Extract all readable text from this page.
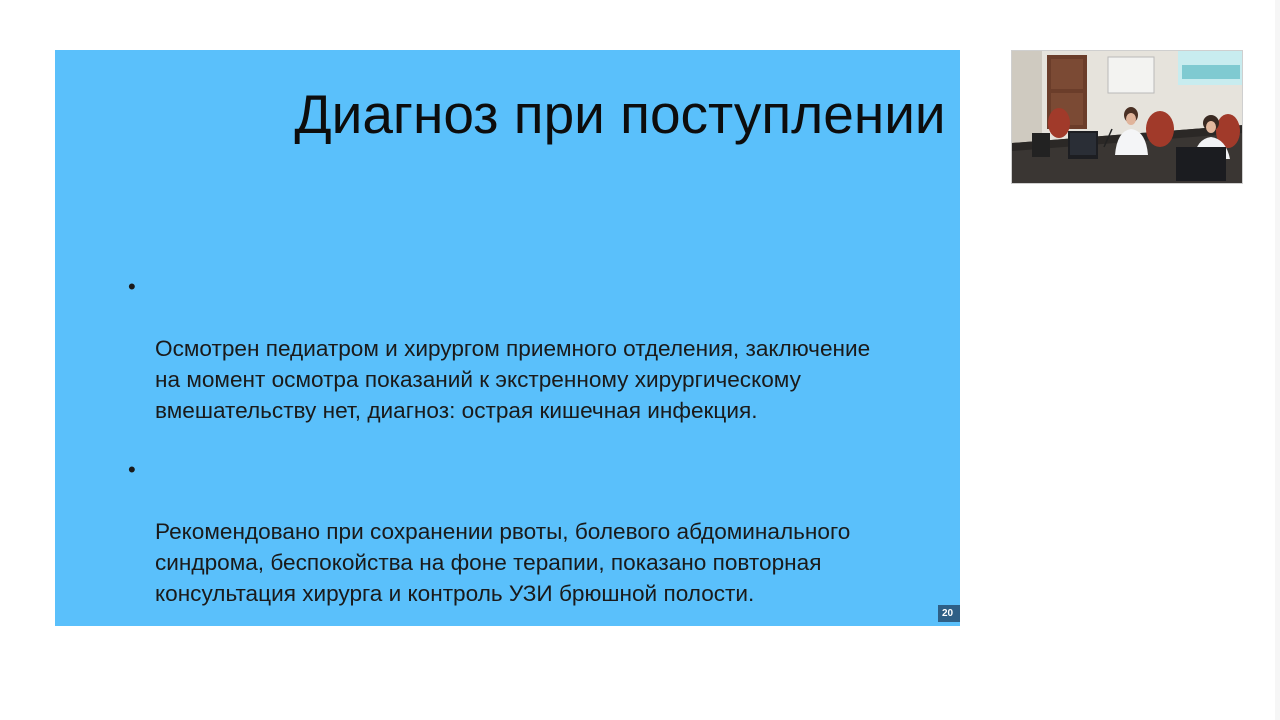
Диагноз при поступлении

•

Осмотрен педиатром и хирургом приемного отделения, заключение
на момент осмотра показаний к экстренному хирургическому
вмешательству нет, диагноз: острая кишечная инфекция.

•

Рекомендовано при сохранении рвоты, болевого абдоминального
синдрома, беспокойства на фоне терапии, показано повторная
консультация хирурга и контроль УЗИ брюшной полости.

20
